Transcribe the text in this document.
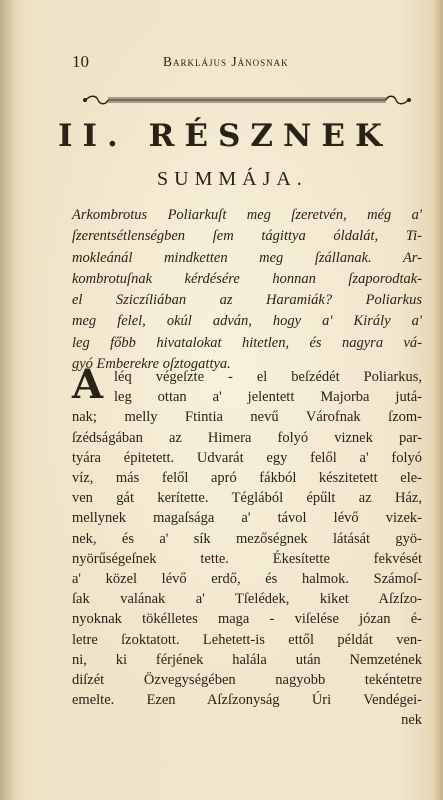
10	Barklájus Jánosnak
II. RÉSZNEK
SUMMÁJA.
Arkombrotus Poliarkuſt meg ſzeretvén, még a'
ſzerentsétlenségben ſem tágittya óldalát, Ti-
mokleánál mindketten meg ſzállanak. Ar-
kombrotuſnak kérdésére honnan ſzaporodtak-
el Sziczíliában az Haramiák? Poliarkus
meg felel, okúl adván, hogy a' Király a'
leg főbb hivatalokat hitetlen, és nagyra vá-
gyó Emberekre oſztogattya.
A léq végeſzte - el beſzédét Poliarkus,
leg ottan a' jelentett Majorba jutá-
nak; melly Ftintia nevű Várofnak ſzom-
ſzédságában az Himera folyó viznek par-
tyára épitetett. Udvarát egy felől a' folyó
víz, más felől apró fákból készitetett ele-
ven gát kerítette. Téglából épűlt az Ház,
mellynek magaſsága a' távol lévő vizek-
nek, és a' sík mezőségnek látását gyö-
nyörűségeſnek tette. Ékesítette fekvését
a' közel lévő erdő, és halmok. Számoſ-
ſak valának a' Tſelédek, kiket Aſzſzo-
nyoknak tökélletes maga - viſelése józan é-
letre ſzoktatott. Lehetett-is ettől példát ven-
ni, ki férjének halála után Nemzetének
diſzét Özvegységében nagyobb tekéntetre
emelte. Ezen Aſzſzonyság Úri Vendégei-
nek
